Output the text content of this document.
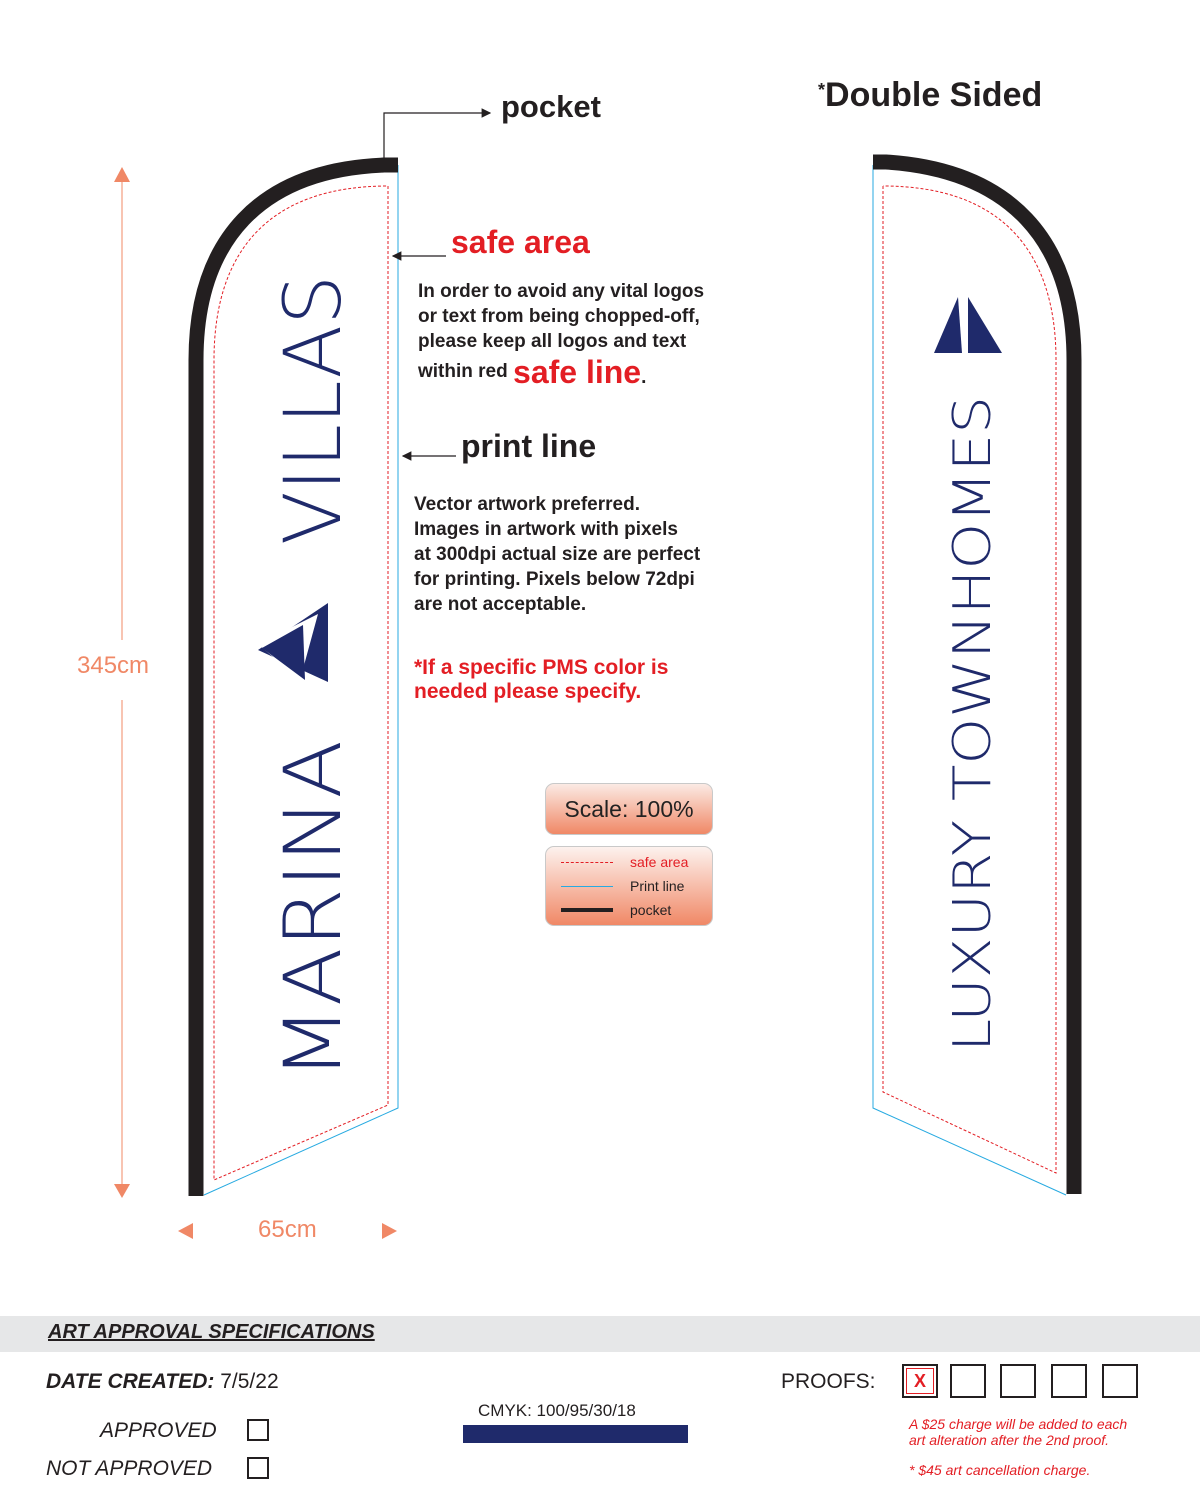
MARINA
VILLAS
LUXURY TOWNHOMES
pocket	*Double Sided
safe area
In order to avoid any vital logos
or text from being chopped-off,
please keep all logos and text
within red safe line.
print line
Vector artwork preferred.
Images in artwork with pixels
at 300dpi actual size are perfect
for printing. Pixels below 72dpi
are not acceptable.
*If a specific PMS color is
needed please specify.
345cm
65cm
Scale: 100%
safe area
Print line
pocket
ART APPROVAL SPECIFICATIONS
DATE CREATED: 7/5/22
APPROVED
NOT APPROVED
CMYK: 100/95/30/18
PROOFS:	X
A $25 charge will be added to each
art alteration after the 2nd proof.
* $45 art cancellation charge.
